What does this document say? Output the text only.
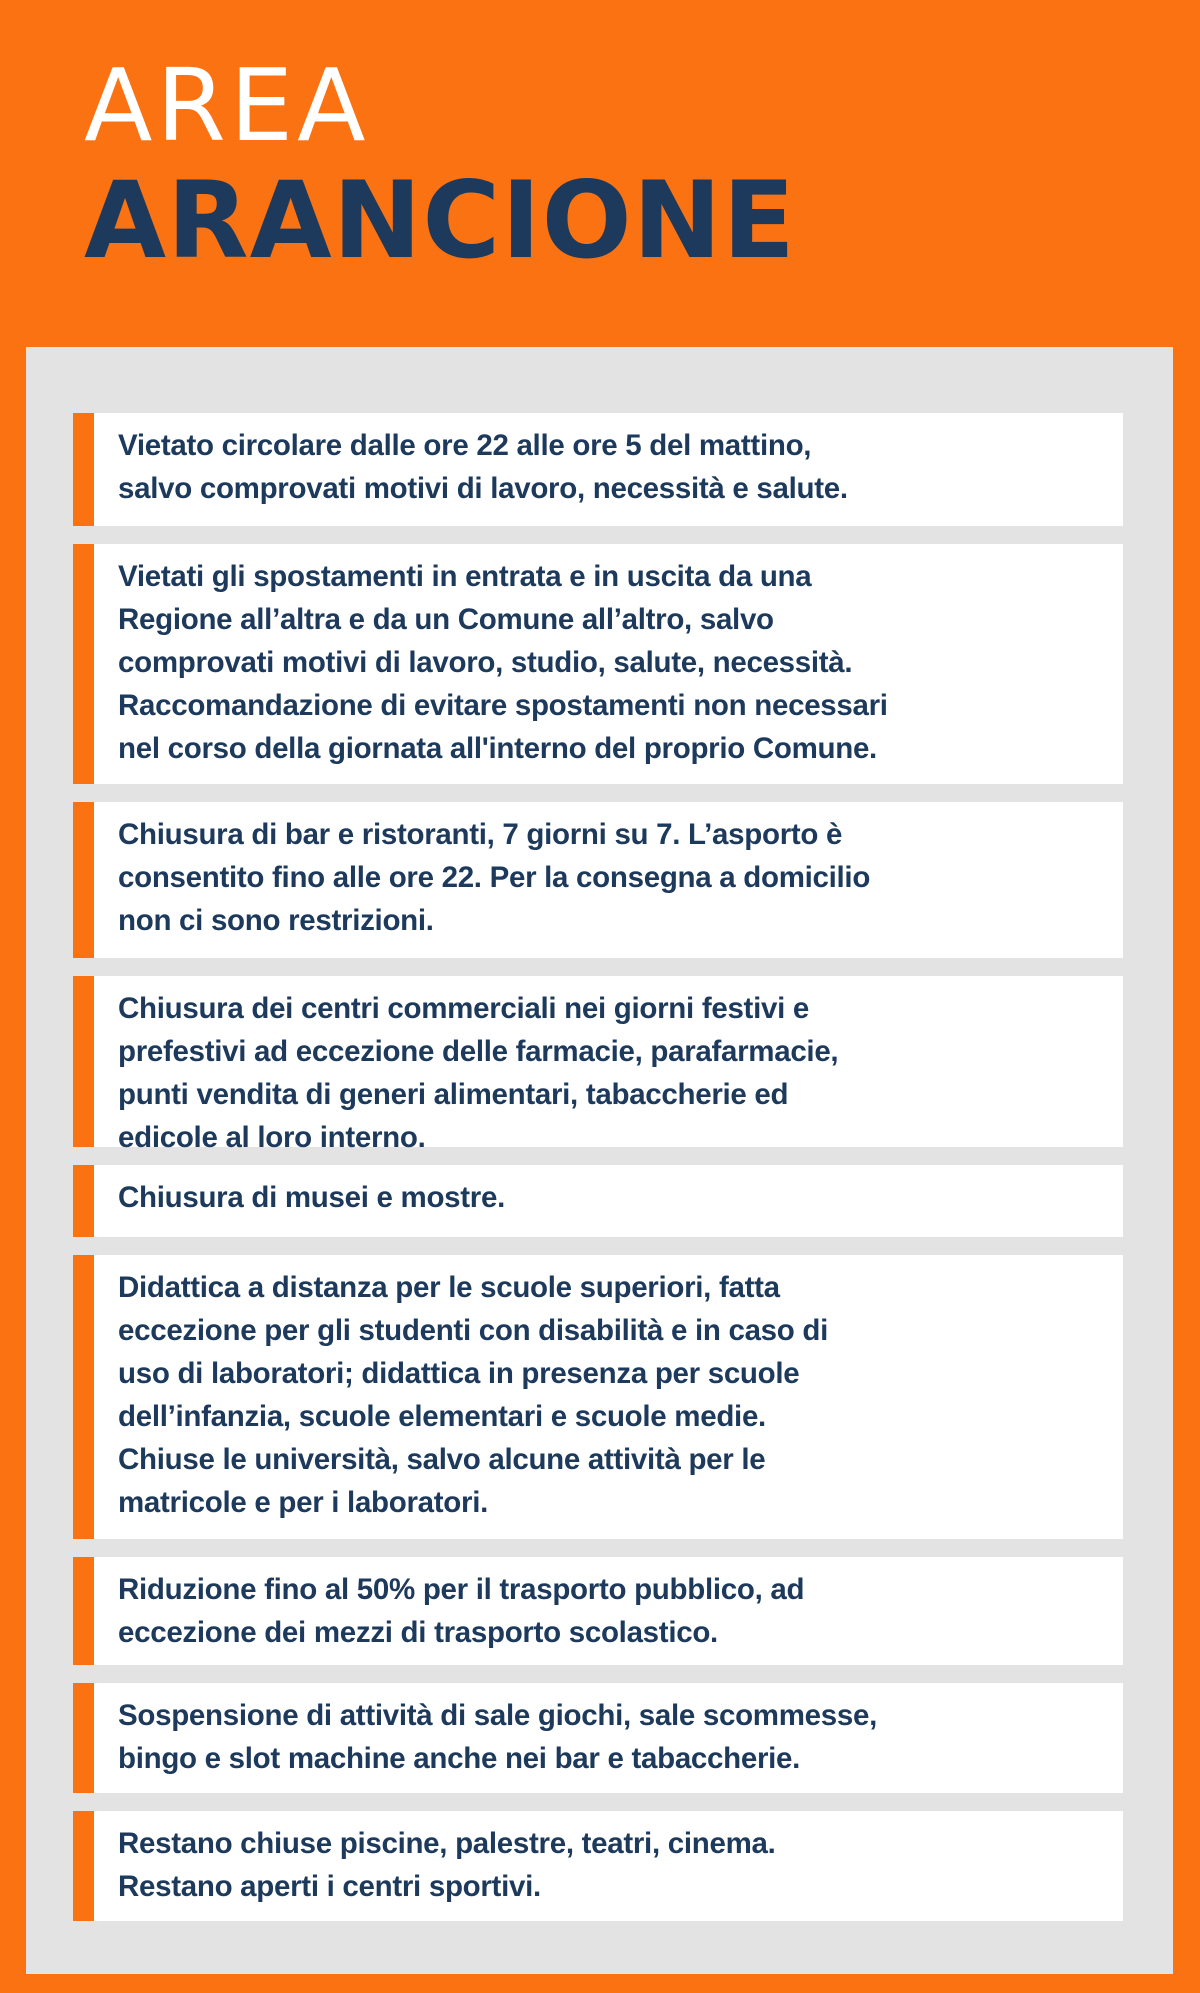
AREA
ARANCIONE
Vietato circolare dalle ore 22 alle ore 5 del mattino,
salvo comprovati motivi di lavoro, necessità e salute.
Vietati gli spostamenti in entrata e in uscita da una
Regione all’altra e da un Comune all’altro, salvo
comprovati motivi di lavoro, studio, salute, necessità.
Raccomandazione di evitare spostamenti non necessari
nel corso della giornata all'interno del proprio Comune.
Chiusura di bar e ristoranti, 7 giorni su 7. L’asporto è
consentito fino alle ore 22. Per la consegna a domicilio
non ci sono restrizioni.
Chiusura dei centri commerciali nei giorni festivi e
prefestivi ad eccezione delle farmacie, parafarmacie,
punti vendita di generi alimentari, tabaccherie ed
edicole al loro interno.
Chiusura di musei e mostre.
Didattica a distanza per le scuole superiori, fatta
eccezione per gli studenti con disabilità e in caso di
uso di laboratori; didattica in presenza per scuole
dell’infanzia, scuole elementari e scuole medie.
Chiuse le università, salvo alcune attività per le
matricole e per i laboratori.
Riduzione fino al 50% per il trasporto pubblico, ad
eccezione dei mezzi di trasporto scolastico.
Sospensione di attività di sale giochi, sale scommesse,
bingo e slot machine anche nei bar e tabaccherie.
Restano chiuse piscine, palestre, teatri, cinema.
Restano aperti i centri sportivi.
